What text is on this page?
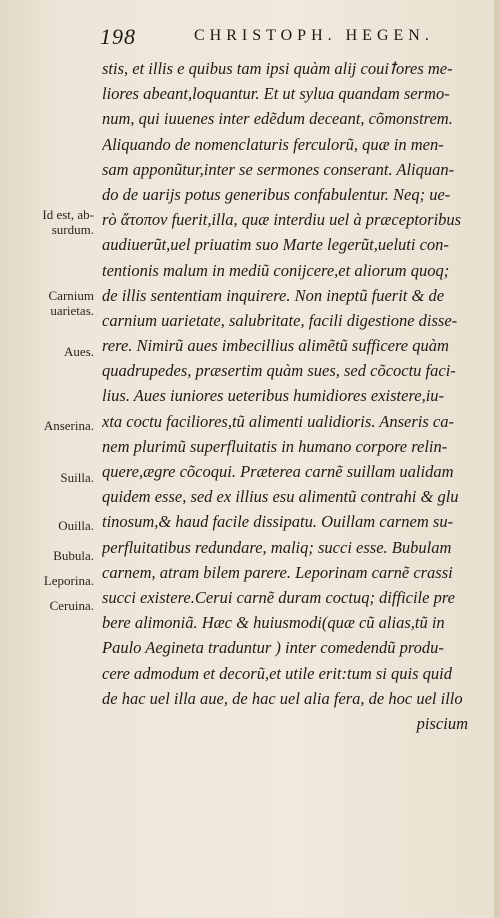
198	CHRISTOPH. HEGEN.
Id est, ab-surdum.
Carnium uarietas.
Aues.
Anserina.
Suilla.
Ouilla.
Bubula.
Leporina.
Ceruina.
stis, et illis e quibus tam ipsi quàm alij couiꝉores me-
liores abeant,loquantur. Et ut sylua quandam sermo-
num, qui iuuenes inter edẽdum deceant, cõmonstrem.
Aliquando de nomenclaturis ferculorũ, quæ in men-
sam apponũtur,inter se sermones conserant. Aliquan-
do de uarijs potus generibus confabulentur. Neq; ue-
rò ἄτοπον fuerit,illa, quæ interdiu uel à præceptoribus
audiuerũt,uel priuatim suo Marte legerũt,ueluti con-
tentionis malum in mediũ conijcere,et aliorum quoq;
de illis sententiam inquirere. Non ineptũ fuerit & de
carnium uarietate, salubritate, facili digestione disse-
rere. Nimirũ aues imbecillius alimẽtũ sufficere quàm
quadrupedes, præsertim quàm sues, sed cõcoctu faci-
lius. Aues iuniores ueteribus humidiores existere,iu-
xta coctu faciliores,tũ alimenti ualidioris. Anseris ca-
nem plurimũ superfluitatis in humano corpore relin-
quere,ægre cõcoqui. Præterea carnẽ suillam ualidam
quidem esse, sed ex illius esu alimentũ contrahi & glu
tinosum,& haud facile dissipatu. Ouillam carnem su-
perfluitatibus redundare, maliq; succi esse. Bubulam
carnem, atram bilem parere. Leporinam carnẽ crassi
succi existere.Cerui carnẽ duram coctuq; difficile pre
bere alimoniã. Hæc & huiusmodi(quæ cũ alias,tũ in
Paulo Aegineta traduntur ) inter comedendũ produ-
cere admodum et decorũ,et utile erit:tum si quis quid
de hac uel illa aue, de hac uel alia fera, de hoc uel illo
piscium
